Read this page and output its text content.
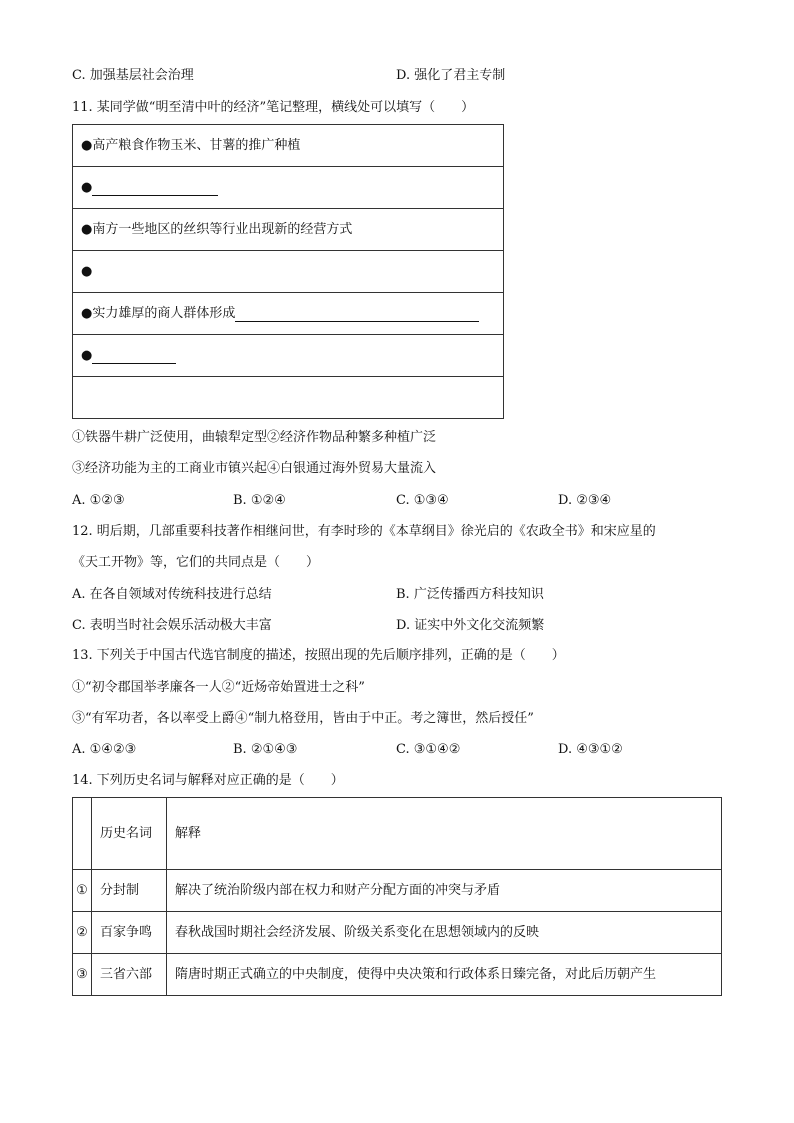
C. 加强基层社会治理	D. 强化了君主专制
11. 某同学做“明至清中叶的经济”笔记整理，横线处可以填写（　　）
●高产粮食作物玉米、甘薯的推广种植
●
●南方一些地区的丝织等行业出现新的经营方式
●
●实力雄厚的商人群体形成
●

①铁器牛耕广泛使用，曲辕犁定型②经济作物品种繁多种植广泛
③经济功能为主的工商业市镇兴起④白银通过海外贸易大量流入
A. ①②③	B. ①②④	C. ①③④	D. ②③④
12. 明后期，几部重要科技著作相继问世，有李时珍的《本草纲目》徐光启的《农政全书》和宋应星的
《天工开物》等，它们的共同点是（　　）
A. 在各自领域对传统科技进行总结	B. 广泛传播西方科技知识
C. 表明当时社会娱乐活动极大丰富	D. 证实中外文化交流频繁
13. 下列关于中国古代选官制度的描述，按照出现的先后顺序排列，正确的是（　　）
①“初令郡国举孝廉各一人②“近炀帝始置进士之科”
③“有军功者，各以率受上爵④“制九格登用，皆由于中正。考之簿世，然后授任”
A. ①④②③	B. ②①④③	C. ③①④②	D. ④③①②
14. 下列历史名词与解释对应正确的是（　　）
	历史名词	解释
①	分封制	解决了统治阶级内部在权力和财产分配方面的冲突与矛盾
②	百家争鸣	春秋战国时期社会经济发展、阶级关系变化在思想领域内的反映
③	三省六部	隋唐时期正式确立的中央制度，使得中央决策和行政体系日臻完备，对此后历朝产生
